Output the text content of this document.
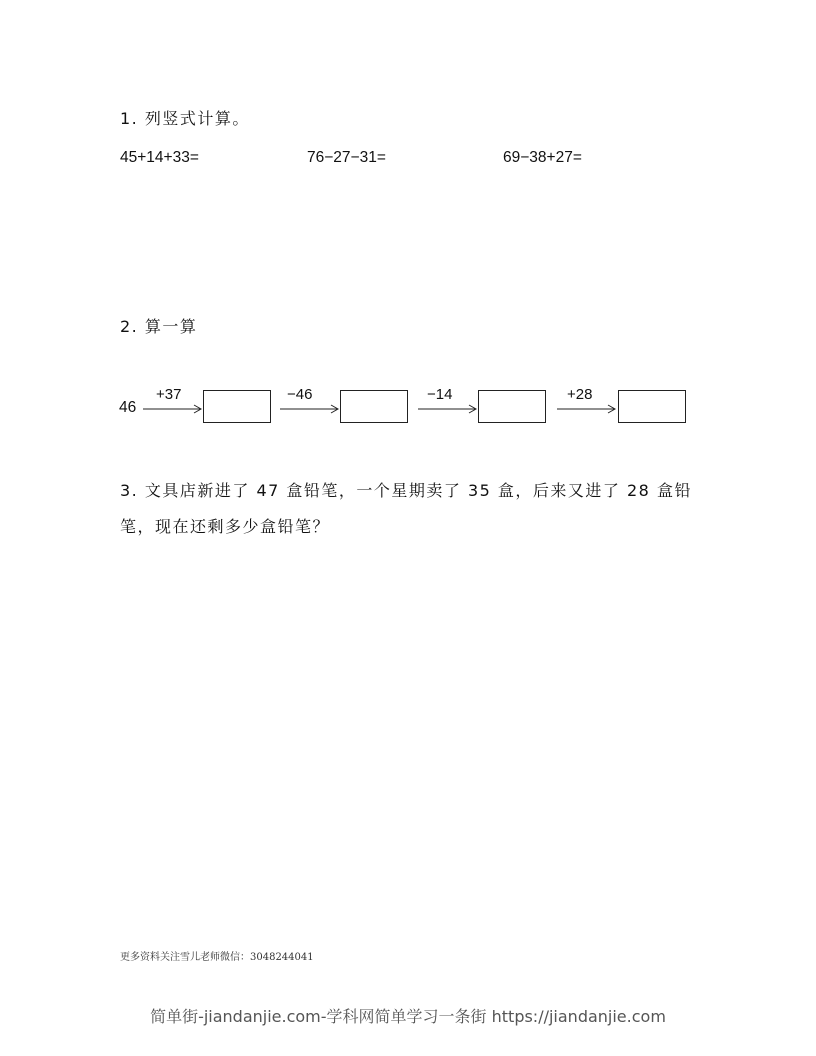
1. 列竖式计算。
45+14+33=	76−27−31=	69−38+27=
2. 算一算
46
+37	−46	−14	+28
3. 文具店新进了 47 盒铅笔，一个星期卖了 35 盒，后来又进了 28 盒铅笔，现在还剩多少盒铅笔？
更多资料关注雪儿老师微信：3048244041
简单街-jiandanjie.com-学科网简单学习一条街 https://jiandanjie.com
